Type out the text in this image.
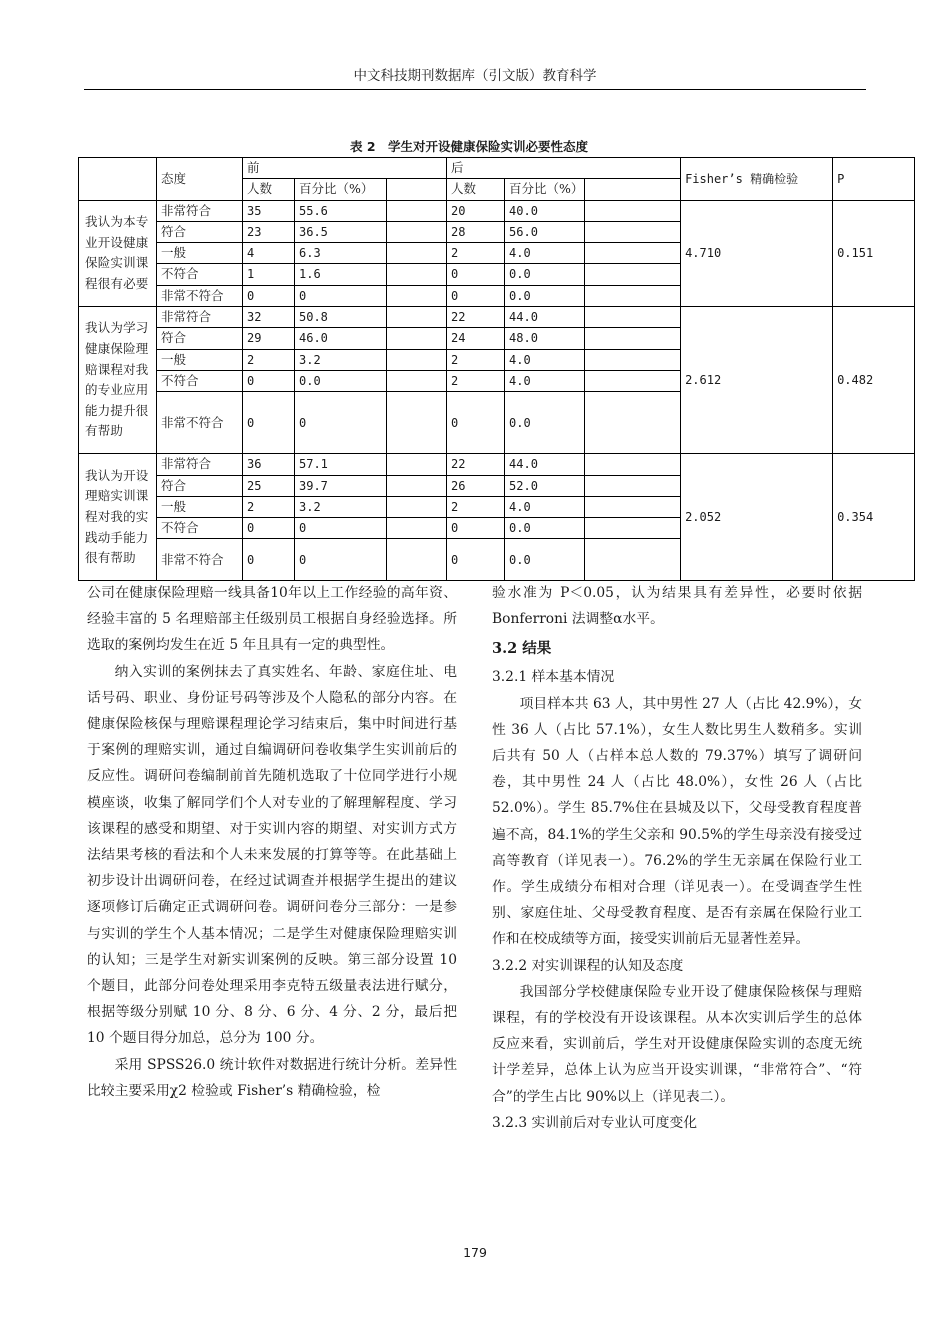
中文科技期刊数据库（引文版）教育科学
表 2　学生对开设健康保险实训必要性态度
	态度	前			后			Fisher’s 精确检验	P
		人数	百分比（%）		人数	百分比（%）			
我认为本专业开设健康保险实训课程很有必要	非常符合	35	55.6		20	40.0		4.710	0.151
	符合	23	36.5		28	56.0			
	一般	4	6.3		2	4.0			
	不符合	1	1.6		0	0.0			
	非常不符合	0	0		0	0.0			
我认为学习健康保险理赔课程对我的专业应用能力提升很有帮助	非常符合	32	50.8		22	44.0		2.612	0.482
	符合	29	46.0		24	48.0			
	一般	2	3.2		2	4.0			
	不符合	0	0.0		2	4.0			
	非常不符合	0	0		0	0.0			
我认为开设理赔实训课程对我的实践动手能力很有帮助	非常符合	36	57.1		22	44.0		2.052	0.354
	符合	25	39.7		26	52.0			
	一般	2	3.2		2	4.0			
	不符合	0	0		0	0.0			
	非常不符合	0	0		0	0.0			

公司在健康保险理赔一线具备10年以上工作经验的高年资、经验丰富的 5 名理赔部主任级别员工根据自身经验选择。所选取的案例均发生在近 5 年且具有一定的典型性。

纳入实训的案例抹去了真实姓名、年龄、家庭住址、电话号码、职业、身份证号码等涉及个人隐私的部分内容。在健康保险核保与理赔课程理论学习结束后，集中时间进行基于案例的理赔实训，通过自编调研问卷收集学生实训前后的反应性。调研问卷编制前首先随机选取了十位同学进行小规模座谈，收集了解同学们个人对专业的了解理解程度、学习该课程的感受和期望、对于实训内容的期望、对实训方式方法结果考核的看法和个人未来发展的打算等等。在此基础上初步设计出调研问卷，在经过试调查并根据学生提出的建议逐项修订后确定正式调研问卷。调研问卷分三部分：一是参与实训的学生个人基本情况；二是学生对健康保险理赔实训的认知；三是学生对新实训案例的反映。第三部分设置 10 个题目，此部分问卷处理采用李克特五级量表法进行赋分，根据等级分别赋 10 分、8 分、6 分、4 分、2 分，最后把 10 个题目得分加总，总分为 100 分。

采用 SPSS26.0 统计软件对数据进行统计分析。差异性比较主要采用χ2 检验或 Fisher’s 精确检验，检

验水准为 P＜0.05，认为结果具有差异性，必要时依据 Bonferroni 法调整α水平。

3.2 结果
3.2.1 样本基本情况

项目样本共 63 人，其中男性 27 人（占比 42.9%），女性 36 人（占比 57.1%），女生人数比男生人数稍多。实训后共有 50 人（占样本总人数的 79.37%）填写了调研问卷，其中男性 24 人（占比 48.0%），女性 26 人（占比 52.0%）。学生 85.7%住在县城及以下，父母受教育程度普遍不高，84.1%的学生父亲和 90.5%的学生母亲没有接受过高等教育（详见表一）。76.2%的学生无亲属在保险行业工作。学生成绩分布相对合理（详见表一）。在受调查学生性别、家庭住址、父母受教育程度、是否有亲属在保险行业工作和在校成绩等方面，接受实训前后无显著性差异。

3.2.2 对实训课程的认知及态度

我国部分学校健康保险专业开设了健康保险核保与理赔课程，有的学校没有开设该课程。从本次实训后学生的总体反应来看，实训前后，学生对开设健康保险实训的态度无统计学差异，总体上认为应当开设实训课，“非常符合”、“符合”的学生占比 90%以上（详见表二）。

3.2.3 实训前后对专业认可度变化
179
